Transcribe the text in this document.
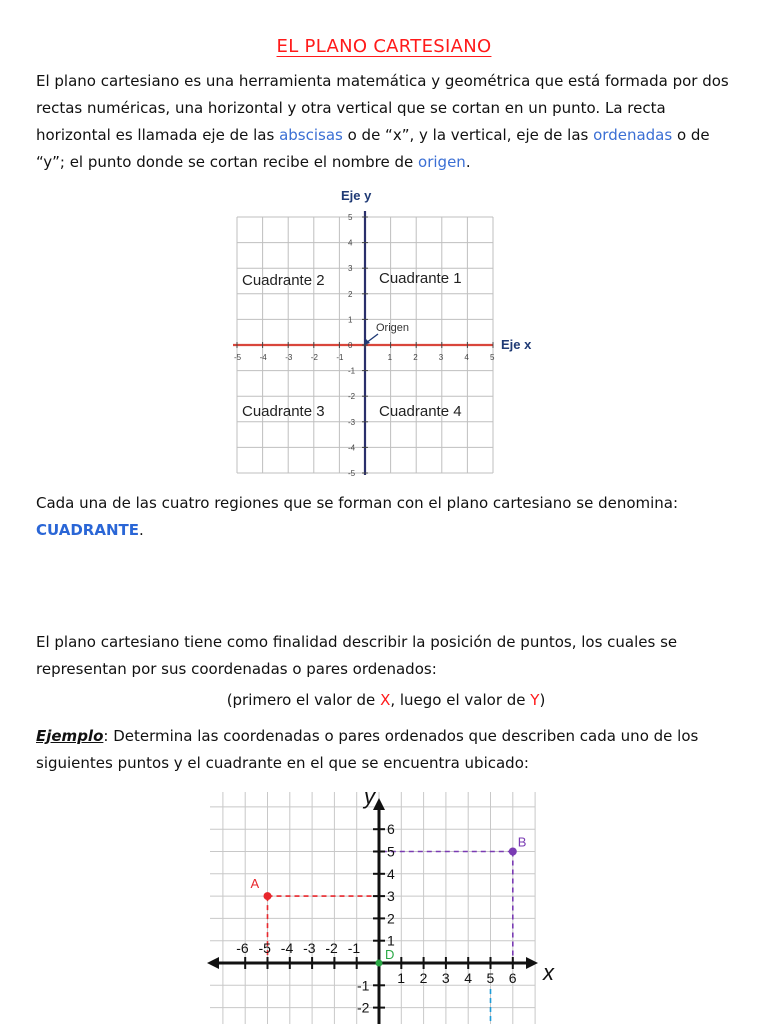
EL PLANO CARTESIANO

El plano cartesiano es una herramienta matemática y geométrica que está formada por dos rectas numéricas, una horizontal y otra vertical que se cortan en un punto. La recta horizontal es llamada eje de las abscisas o de “x”, y la vertical, eje de las ordenadas o de “y”; el punto donde se cortan recibe el nombre de origen.

-5 -4 -3 -2 -1	1	2	3	4	5
5
4
3
2
1
0
-1
-2
-3
-4
-5
Eje y
Eje x
Origen
Cuadrante 2	Cuadrante 1
Cuadrante 3	Cuadrante 4

Cada una de las cuatro regiones que se forman con el plano cartesiano se denomina:
CUADRANTE.

El plano cartesiano tiene como finalidad describir la posición de puntos, los cuales se representan por sus coordenadas o pares ordenados:

(primero el valor de X, luego el valor de Y)

Ejemplo: Determina las coordenadas o pares ordenados que describen cada uno de los siguientes puntos y el cuadrante en el que se encuentra ubicado:

-6 -5 -4 -3 -2 -1
1 2 3 4 5 6
6
5
4
3
2
1
-1
-2
y
x
A
B
D
